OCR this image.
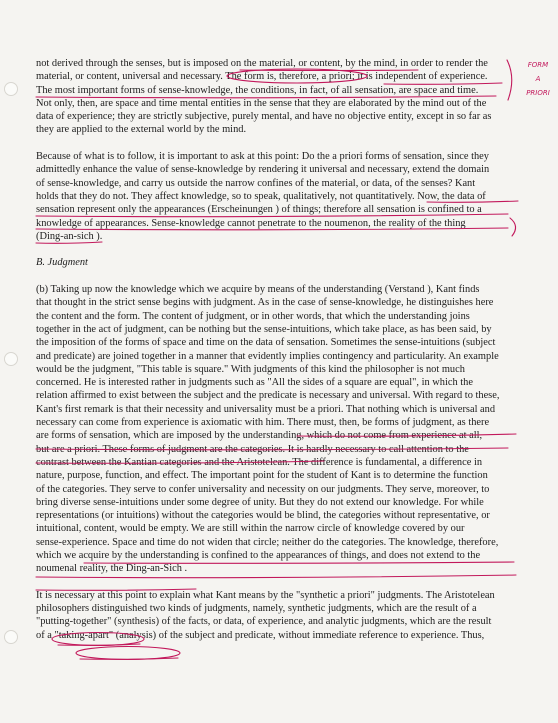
not derived through the senses, but is imposed on the material, or content, by the mind, in order to render the
material, or content, universal and necessary. The form is, therefore, a priori; it is independent of experience.
The most important forms of sense-knowledge, the conditions, in fact, of all sensation, are space and time.
Not only, then, are space and time mental entities in the sense that they are elaborated by the mind out of the
data of experience; they are strictly subjective, purely mental, and have no objective entity, except in so far as
they are applied to the external world by the mind.
Because of what is to follow, it is important to ask at this point: Do the a priori forms of sensation, since they
admittedly enhance the value of sense-knowledge by rendering it universal and necessary, extend the domain
of sense-knowledge, and carry us outside the narrow confines of the material, or data, of the senses? Kant
holds that they do not. They affect knowledge, so to speak, qualitatively, not quantitatively. Now, the data of
sensation represent only the appearances (Erscheinungen ) of things; therefore all sensation is confined to a
knowledge of appearances. Sense-knowledge cannot penetrate to the noumenon, the reality of the thing
(Ding-an-sich ).
B. Judgment
(b) Taking up now the knowledge which we acquire by means of the understanding (Verstand ), Kant finds
that thought in the strict sense begins with judgment. As in the case of sense-knowledge, he distinguishes here
the content and the form. The content of judgment, or in other words, that which the understanding joins
together in the act of judgment, can be nothing but the sense-intuitions, which take place, as has been said, by
the imposition of the forms of space and time on the data of sensation. Sometimes the sense-intuitions (subject
and predicate) are joined together in a manner that evidently implies contingency and particularity. An example
would be the judgment, "This table is square." With judgments of this kind the philosopher is not much
concerned. He is interested rather in judgments such as "All the sides of a square are equal", in which the
relation affirmed to exist between the subject and the predicate is necessary and universal. With regard to these,
Kant's first remark is that their necessity and universality must be a priori. That nothing which is universal and
necessary can come from experience is axiomatic with him. There must, then, be forms of judgment, as there
are forms of sensation, which are imposed by the understanding, which do not come from experience at all,
but are a priori. These forms of judgment are the categories. It is hardly necessary to call attention to the
contrast between the Kantian categories and the Aristotelean. The difference is fundamental, a difference in
nature, purpose, function, and effect. The important point for the student of Kant is to determine the function
of the categories. They serve to confer universality and necessity on our judgments. They serve, moreover, to
bring diverse sense-intuitions under some degree of unity. But they do not extend our knowledge. For while
representations (or intuitions) without the categories would be blind, the categories without representative, or
intuitional, content, would be empty. We are still within the narrow circle of knowledge covered by our
sense-experience. Space and time do not widen that circle; neither do the categories. The knowledge, therefore,
which we acquire by the understanding is confined to the appearances of things, and does not extend to the
noumenal reality, the Ding-an-Sich .
It is necessary at this point to explain what Kant means by the "synthetic a priori" judgments. The Aristotelean
philosophers distinguished two kinds of judgments, namely, synthetic judgments, which are the result of a
"putting-together" (synthesis) of the facts, or data, of experience, and analytic judgments, which are the result
of a "taking-apart" (analysis) of the subject and predicate, without immediate reference to experience. Thus,
FORM
A
PRIORI
